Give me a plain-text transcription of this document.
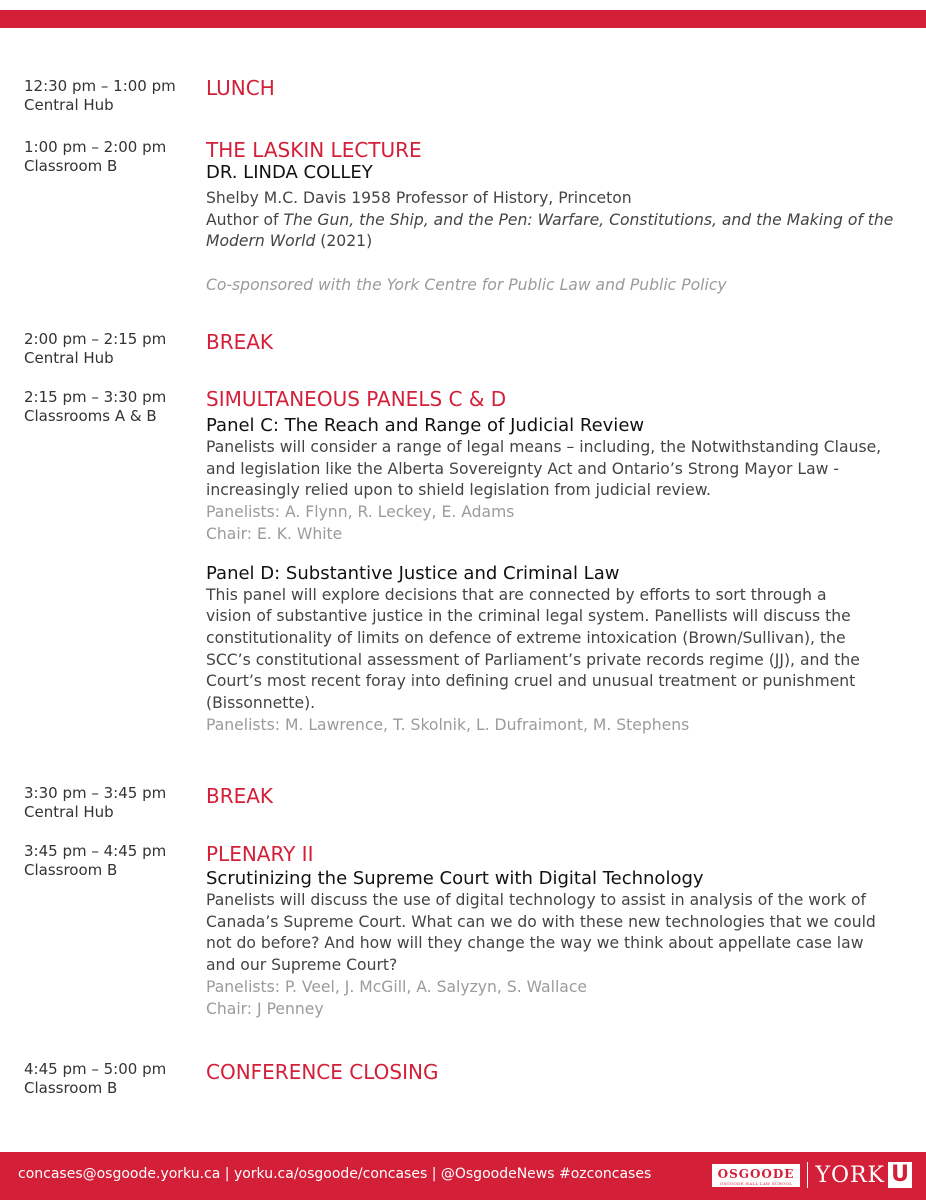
12:30 pm – 1:00 pm
Central Hub

LUNCH

1:00 pm – 2:00 pm
Classroom B

THE LASKIN LECTURE

DR. LINDA COLLEY

Shelby M.C. Davis 1958 Professor of History, Princeton

Author of The Gun, the Ship, and the Pen: Warfare, Constitutions, and the Making of the

Modern World (2021)

Co-sponsored with the York Centre for Public Law and Public Policy

2:00 pm – 2:15 pm
Central Hub

BREAK

2:15 pm – 3:30 pm
Classrooms A & B

SIMULTANEOUS PANELS C & D

Panel C: The Reach and Range of Judicial Review

Panelists will consider a range of legal means – including, the Notwithstanding Clause,

and legislation like the Alberta Sovereignty Act and Ontario’s Strong Mayor Law -

increasingly relied upon to shield legislation from judicial review.

Panelists: A. Flynn, R. Leckey, E. Adams

Chair: E. K. White

Panel D: Substantive Justice and Criminal Law

This panel will explore decisions that are connected by efforts to sort through a

vision of substantive justice in the criminal legal system. Panellists will discuss the

constitutionality of limits on defence of extreme intoxication (Brown/Sullivan), the

SCC’s constitutional assessment of Parliament’s private records regime (JJ), and the

Court’s most recent foray into defining cruel and unusual treatment or punishment

(Bissonnette).

Panelists: M. Lawrence, T. Skolnik, L. Dufraimont, M. Stephens

3:30 pm – 3:45 pm
Central Hub

BREAK

3:45 pm – 4:45 pm
Classroom B

PLENARY II

Scrutinizing the Supreme Court with Digital Technology

Panelists will discuss the use of digital technology to assist in analysis of the work of

Canada’s Supreme Court. What can we do with these new technologies that we could

not do before? And how will they change the way we think about appellate case law

and our Supreme Court?

Panelists: P. Veel, J. McGill, A. Salyzyn, S. Wallace

Chair: J Penney

4:45 pm – 5:00 pm
Classroom B

CONFERENCE CLOSING

concases@osgoode.yorku.ca | yorku.ca/osgoode/concases | @OsgoodeNews #ozconcases	OSGOODE
OSGOODE HALL LAW SCHOOL YORK U
